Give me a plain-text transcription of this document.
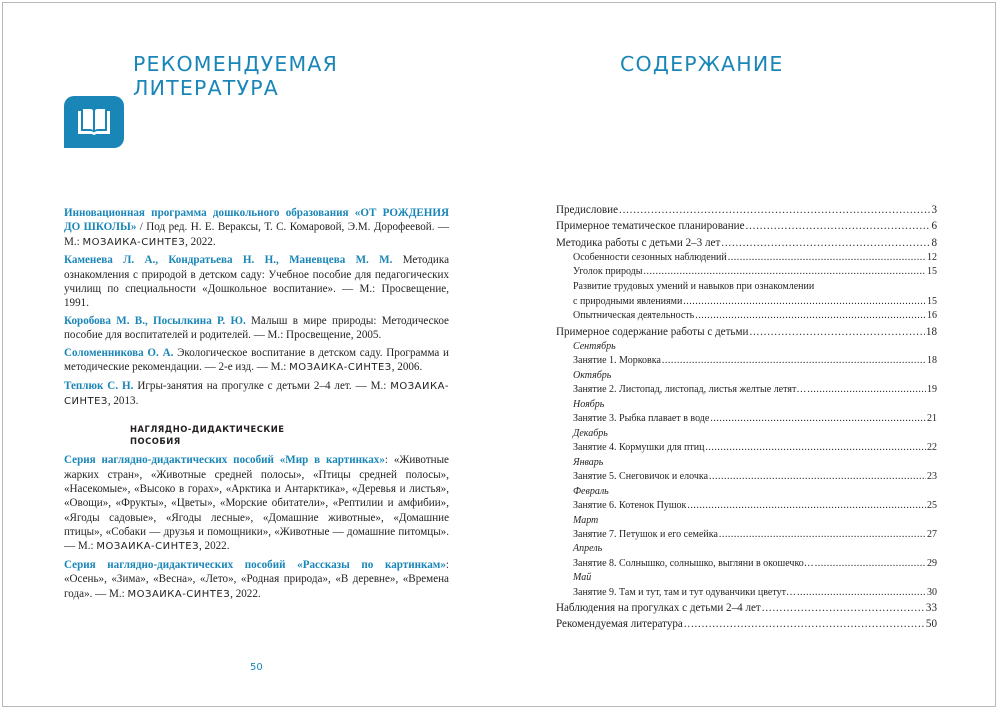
РЕКОМЕНДУЕМАЯ
ЛИТЕРАТУРА

Инновационная программа дошкольного образования «ОТ РОЖДЕНИЯ ДО ШКОЛЫ» / Под ред. Н. Е. Вераксы, Т. С. Комаровой, Э.М. Дорофеевой. — М.: МОЗАИКА-СИНТЕЗ, 2022.

Каменева Л. А., Кондратьева Н. Н., Маневцева М. М. Методика ознакомления с природой в детском саду: Учебное пособие для педагогических училищ по специальности «Дошкольное воспитание». — М.: Просвещение, 1991.

Коробова М. В., Посылкина Р. Ю. Малыш в мире природы: Методическое пособие для воспитателей и родителей. — М.: Просвещение, 2005.

Соломенникова О. А. Экологическое воспитание в детском саду. Программа и методические рекомендации. — 2-е изд. — М.: МОЗАИКА-СИНТЕЗ, 2006.

Теплюк С. Н. Игры-занятия на прогулке с детьми 2–4 лет. — М.: МОЗАИКА-СИНТЕЗ, 2013.

НАГЛЯДНО-ДИДАКТИЧЕСКИЕ
ПОСОБИЯ

Серия наглядно-дидактических пособий «Мир в картинках»: «Животные жарких стран», «Животные средней полосы», «Птицы средней полосы», «Насекомые», «Высоко в горах», «Арктика и Антарктика», «Деревья и листья», «Овощи», «Фрукты», «Цветы», «Морские обитатели», «Рептилии и амфибии», «Ягоды садовые», «Ягоды лесные», «Домашние животные», «Домашние птицы», «Собаки — друзья и помощники», «Животные — домашние питомцы». — М.: МОЗАИКА-СИНТЕЗ, 2022.

Серия наглядно-дидактических пособий «Рассказы по картинкам»: «Осень», «Зима», «Весна», «Лето», «Родная природа», «В деревне», «Времена года». — М.: МОЗАИКА-СИНТЕЗ, 2022.

50
СОДЕРЖАНИЕ
Предисловие . . .	3
Примерное тематическое планирование . . .	6
Методика работы с детьми 2–3 лет . . .	8
Особенности сезонных наблюдений . . .	12
Уголок природы . . .	15
Развитие трудовых умений и навыков при ознакомлении
с природными явлениями . . .	15
Опытническая деятельность . . .	16
Примерное содержание работы с детьми . . .	18
Сентябрь
Занятие 1. Морковка . . .	18
Октябрь
Занятие 2. Листопад, листопад, листья желтые летят… . . .	19
Ноябрь
Занятие 3. Рыбка плавает в воде . . .	21
Декабрь
Занятие 4. Кормушки для птиц . . .	22
Январь
Занятие 5. Снеговичок и елочка . . .	23
Февраль
Занятие 6. Котенок Пушок . . .	25
Март
Занятие 7. Петушок и его семейка . . .	27
Апрель
Занятие 8. Солнышко, солнышко, выгляни в окошечко… . . .	29
Май
Занятие 9. Там и тут, там и тут одуванчики цветут… . . .	30
Наблюдения на прогулках с детьми 2–4 лет . . .	33
Рекомендуемая литература . . .	50
